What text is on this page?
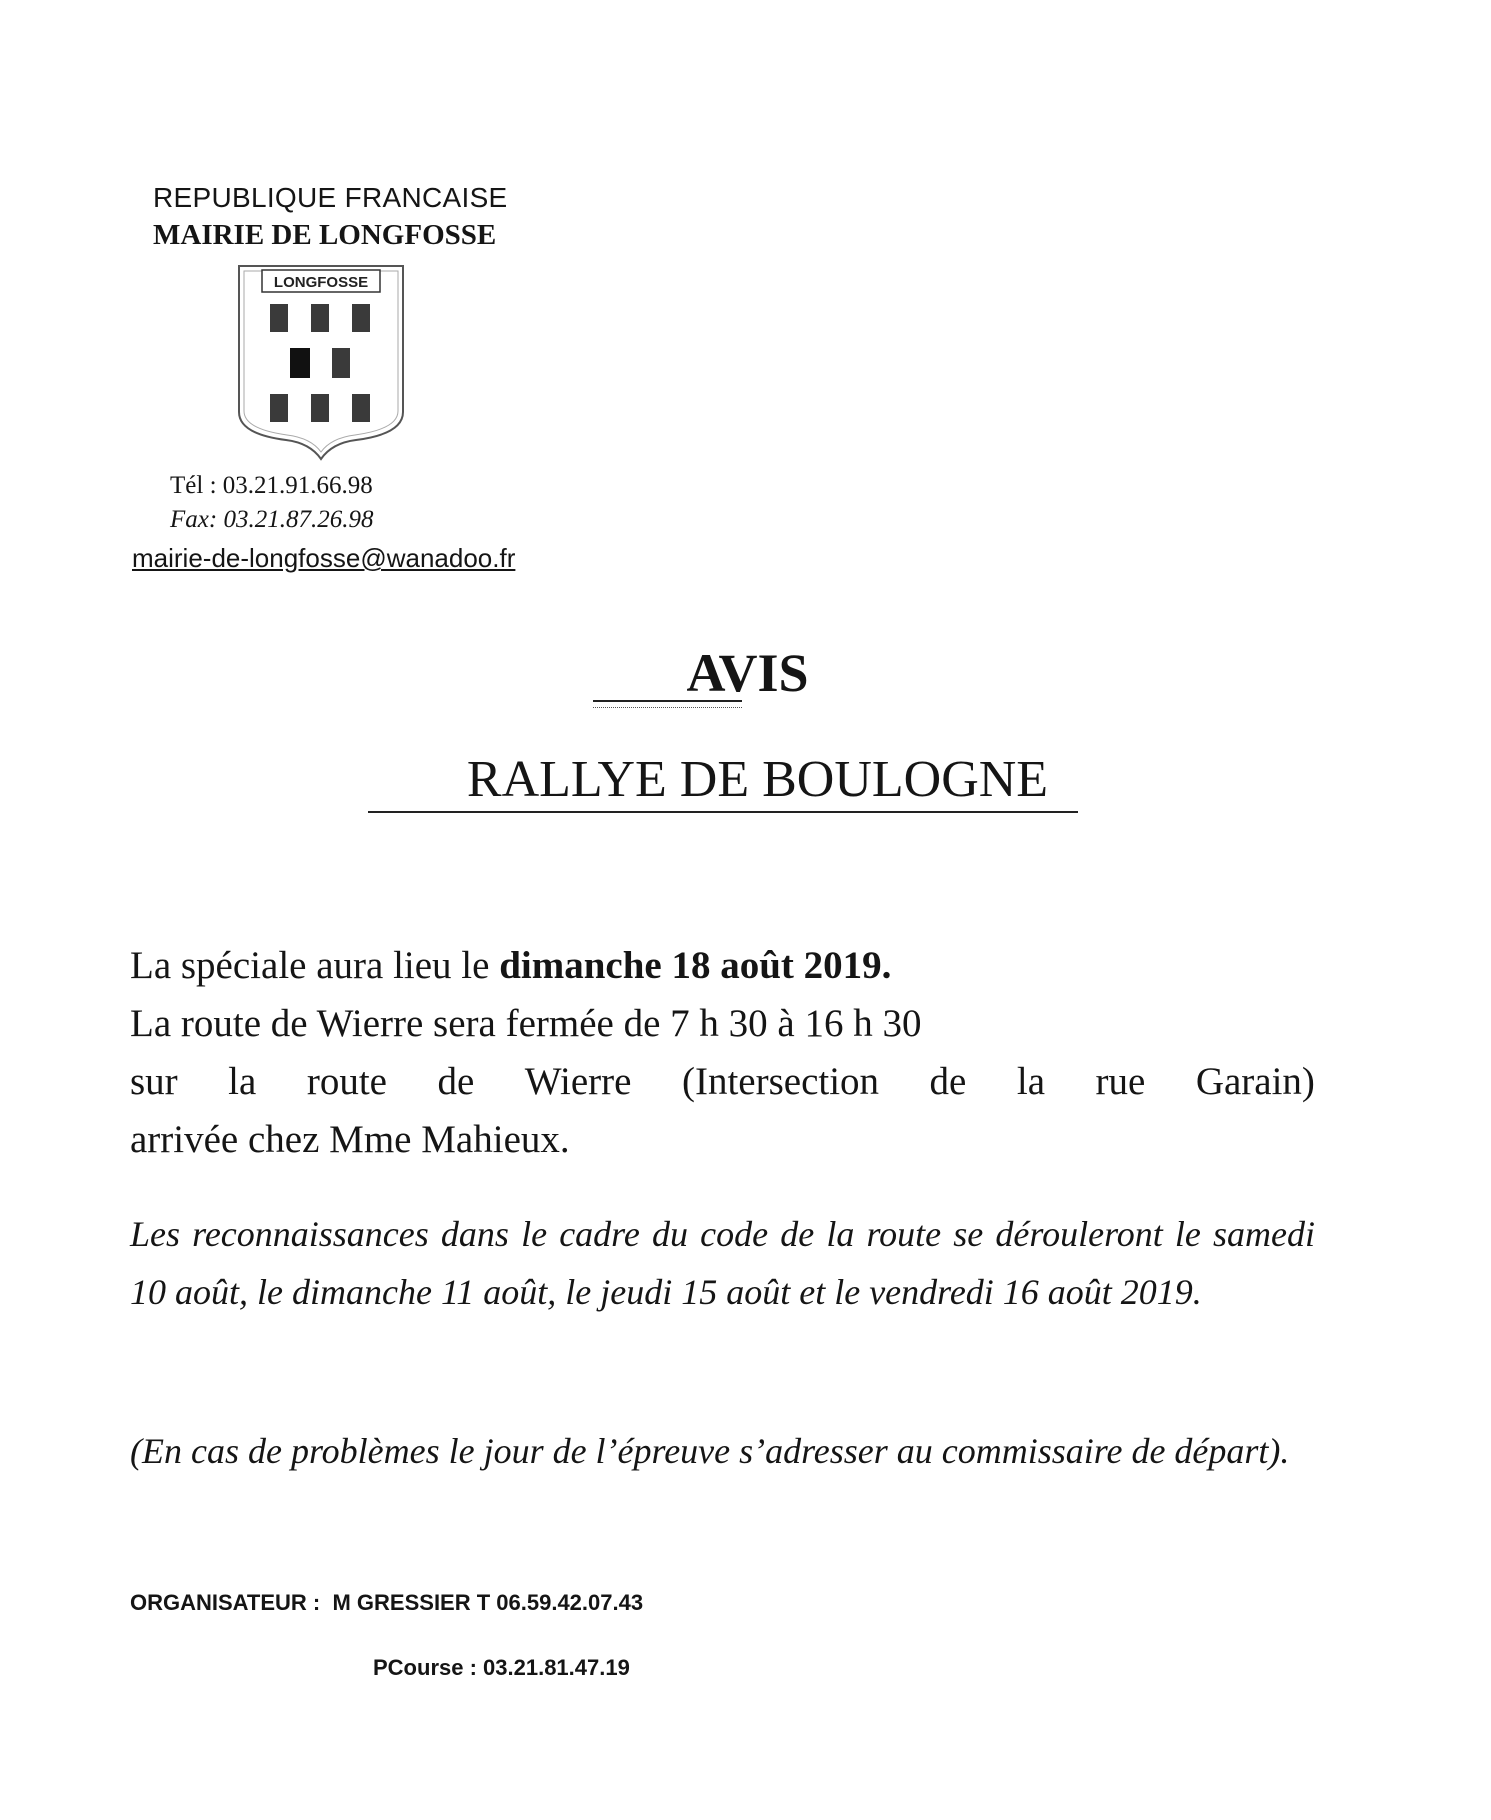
REPUBLIQUE FRANCAISE
MAIRIE DE LONGFOSSE
LONGFOSSE
Tél : 03.21.91.66.98
Fax: 03.21.87.26.98
mairie-de-longfosse@wanadoo.fr
AVIS
RALLYE DE BOULOGNE

La spéciale aura lieu le dimanche 18 août 2019.

La route de Wierre sera fermée de 7 h 30 à 16 h 30

sur la route de Wierre (Intersection de la rue Garain)

arrivée chez Mme Mahieux.

Les reconnaissances dans le cadre du code de la route se dérouleront le samedi 10 août, le dimanche 11 août, le jeudi 15 août et le vendredi 16 août 2019.

(En cas de problèmes le jour de l’épreuve s’adresser au commissaire de départ).

ORGANISATEUR :  M GRESSIER T 06.59.42.07.43
PCourse : 03.21.81.47.19
